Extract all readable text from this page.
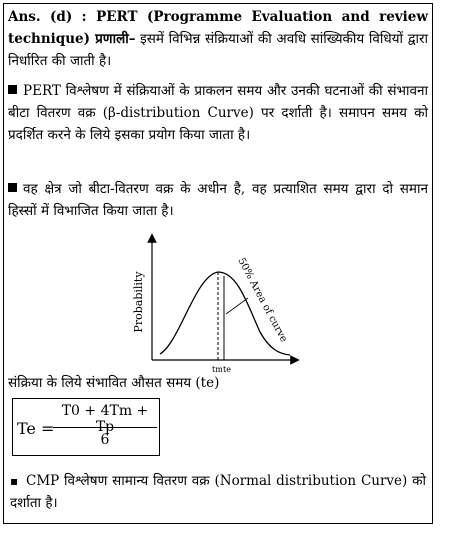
Ans. (d) : PERT (Programme Evaluation and review technique) प्रणाली– इसमें विभिन्न संक्रियाओं की अवधि सांख्यिकीय विधियों द्वारा निर्धारित की जाती है।
PERT विश्लेषण में संक्रियाओं के प्राकलन समय और उनकी घटनाओं की संभावना बीटा वितरण वक्र (β-distribution Curve) पर दर्शाती है। समापन समय को प्रदर्शित करने के लिये इसका प्रयोग किया जाता है।
वह क्षेत्र जो बीटा-वितरण वक्र के अधीन है, वह प्रत्याशित समय द्वारा दो समान हिस्सों में विभाजित किया जाता है।
Probability	50% Area of curve
tm te
संक्रिया के लिये संभावित औसत समय (te)
Te =
T0 + 4Tm + Tp
6
▪ CMP विश्लेषण सामान्य वितरण वक्र (Normal distribution Curve) को दर्शाता है।
